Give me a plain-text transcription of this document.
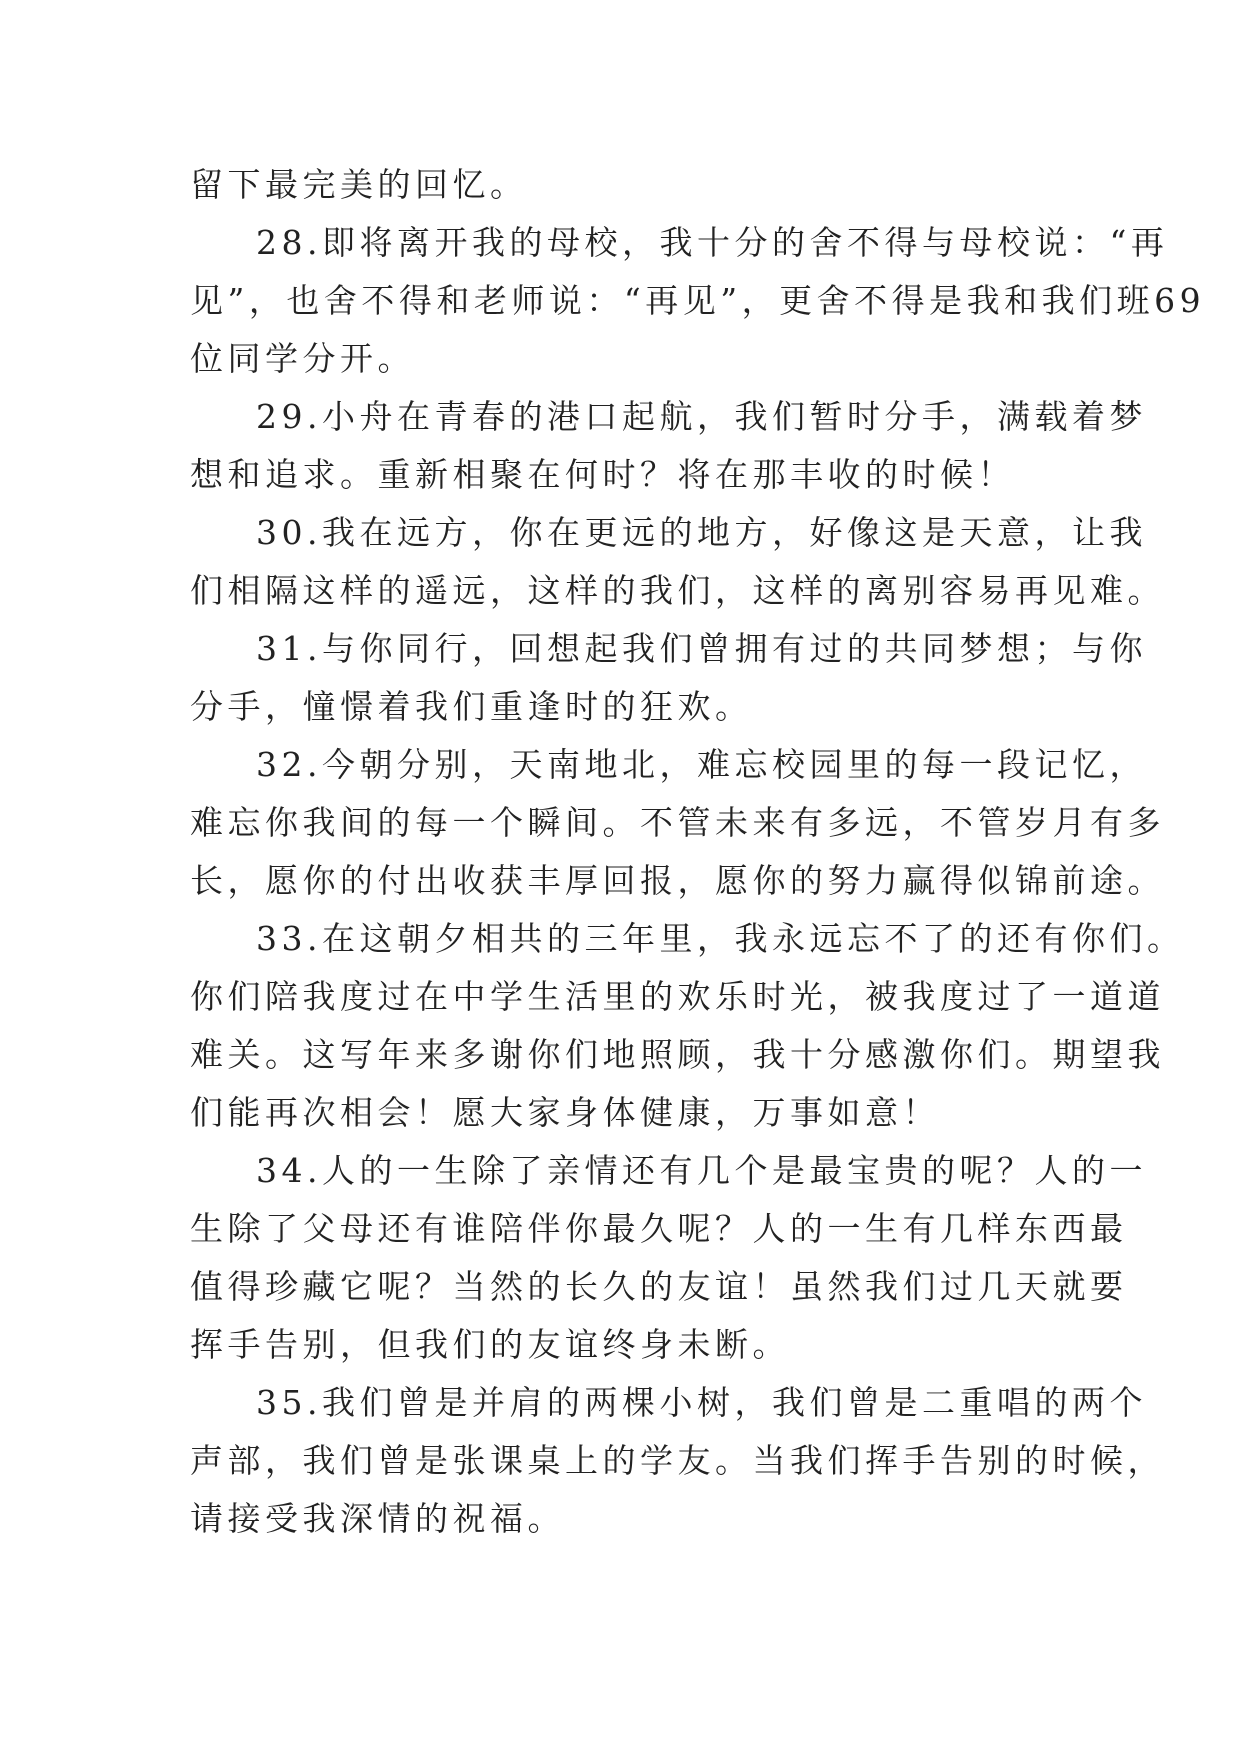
留下最完美的回忆。
28.即将离开我的母校，我十分的舍不得与母校说：“再
见”，也舍不得和老师说：“再见”，更舍不得是我和我们班69
位同学分开。
29.小舟在青春的港口起航，我们暂时分手，满载着梦
想和追求。重新相聚在何时？将在那丰收的时候！
30.我在远方，你在更远的地方，好像这是天意，让我
们相隔这样的遥远，这样的我们，这样的离别容易再见难。
31.与你同行，回想起我们曾拥有过的共同梦想；与你
分手，憧憬着我们重逢时的狂欢。
32.今朝分别，天南地北，难忘校园里的每一段记忆，
难忘你我间的每一个瞬间。不管未来有多远，不管岁月有多
长，愿你的付出收获丰厚回报，愿你的努力赢得似锦前途。
33.在这朝夕相共的三年里，我永远忘不了的还有你们。
你们陪我度过在中学生活里的欢乐时光，被我度过了一道道
难关。这写年来多谢你们地照顾，我十分感激你们。期望我
们能再次相会！愿大家身体健康，万事如意！
34.人的一生除了亲情还有几个是最宝贵的呢？人的一
生除了父母还有谁陪伴你最久呢？人的一生有几样东西最
值得珍藏它呢？当然的长久的友谊！虽然我们过几天就要
挥手告别，但我们的友谊终身未断。
35.我们曾是并肩的两棵小树，我们曾是二重唱的两个
声部，我们曾是张课桌上的学友。当我们挥手告别的时候，
请接受我深情的祝福。
